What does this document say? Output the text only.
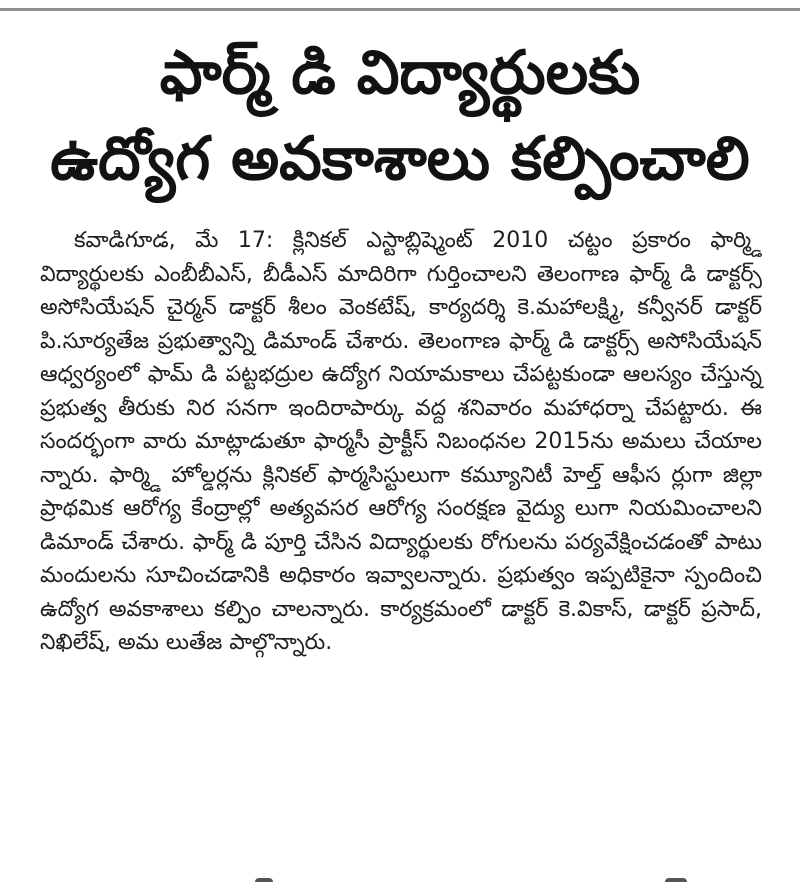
ఫార్మ్ డి విద్యార్థులకు
ఉద్యోగ అవకాశాలు కల్పించాలి

కవాడిగూడ, మే 17: క్లినికల్ ఎస్టాబ్లిష్మెంట్ 2010 చట్టం ప్రకారం ఫార్మ్డి విద్యార్థులకు ఎంబీబీఎస్, బీడీఎస్ మాదిరిగా గుర్తించాలని తెలంగాణ ఫార్మ్ డి డాక్టర్స్ అసోసియేషన్ చైర్మన్ డాక్టర్ శీలం వెంకటేష్, కార్యదర్శి కె.మహాలక్ష్మి, కన్వీనర్ డాక్టర్ పి.సూర్యతేజ ప్రభుత్వాన్ని డిమాండ్ చేశారు. తెలంగాణ ఫార్మ్ డి డాక్టర్స్ అసోసియేషన్ ఆధ్వర్యంలో ఫామ్ డి పట్టభద్రుల ఉద్యోగ నియామకాలు చేపట్టకుండా ఆలస్యం చేస్తున్న ప్రభుత్వ తీరుకు నిర సనగా ఇందిరాపార్కు వద్ద శనివారం మహాధర్నా చేపట్టారు. ఈ సందర్భంగా వారు మాట్లాడుతూ ఫార్మసీ ప్రాక్టీస్ నిబంధనల 2015ను అమలు చేయాల న్నారు. ఫార్మ్డి హోల్డర్లను క్లినికల్ ఫార్మసిస్టులుగా కమ్యూనిటీ హెల్త్ ఆఫీస ర్లుగా జిల్లా ప్రాథమిక ఆరోగ్య కేంద్రాల్లో అత్యవసర ఆరోగ్య సంరక్షణ వైద్యు లుగా నియమించాలని డిమాండ్ చేశారు. ఫార్మ్ డి పూర్తి చేసిన విద్యార్థులకు రోగులను పర్యవేక్షించడంతో పాటు మందులను సూచించడానికి అధికారం ఇవ్వాలన్నారు. ప్రభుత్వం ఇప్పటికైనా స్పందించి ఉద్యోగ అవకాశాలు కల్పిం చాలన్నారు. కార్యక్రమంలో డాక్టర్ కె.వికాస్, డాక్టర్ ప్రసాద్, నిఖిలేష్, అమ లుతేజ పాల్గొన్నారు.
